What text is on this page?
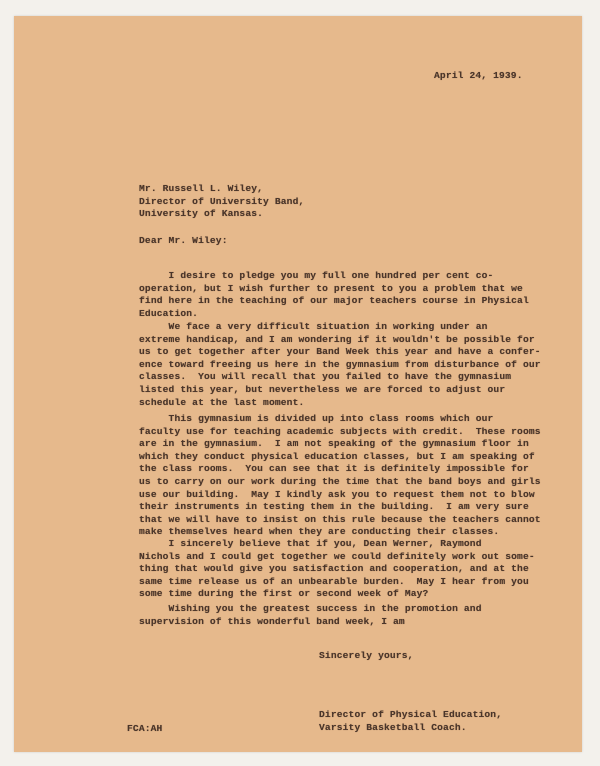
April 24, 1939.
Mr. Russell L. Wiley,
Director of University Band,
University of Kansas.
Dear Mr. Wiley:
I desire to pledge you my full one hundred per cent co-
operation, but I wish further to present to you a problem that we
find here in the teaching of our major teachers course in Physical
Education.
We face a very difficult situation in working under an
extreme handicap, and I am wondering if it wouldn't be possible for
us to get together after your Band Week this year and have a confer-
ence toward freeing us here in the gymnasium from disturbance of our
classes.  You will recall that you failed to have the gymnasium
listed this year, but nevertheless we are forced to adjust our
schedule at the last moment.
This gymnasium is divided up into class rooms which our
faculty use for teaching academic subjects with credit.  These rooms
are in the gymnasium.  I am not speaking of the gymnasium floor in
which they conduct physical education classes, but I am speaking of
the class rooms.  You can see that it is definitely impossible for
us to carry on our work during the time that the band boys and girls
use our building.  May I kindly ask you to request them not to blow
their instruments in testing them in the building.  I am very sure
that we will have to insist on this rule because the teachers cannot
make themselves heard when they are conducting their classes.
I sincerely believe that if you, Dean Werner, Raymond
Nichols and I could get together we could definitely work out some-
thing that would give you satisfaction and cooperation, and at the
same time release us of an unbearable burden.  May I hear from you
some time during the first or second week of May?
Wishing you the greatest success in the promotion and
supervision of this wonderful band week, I am
Sincerely yours,
Director of Physical Education,
Varsity Basketball Coach.
FCA:AH
